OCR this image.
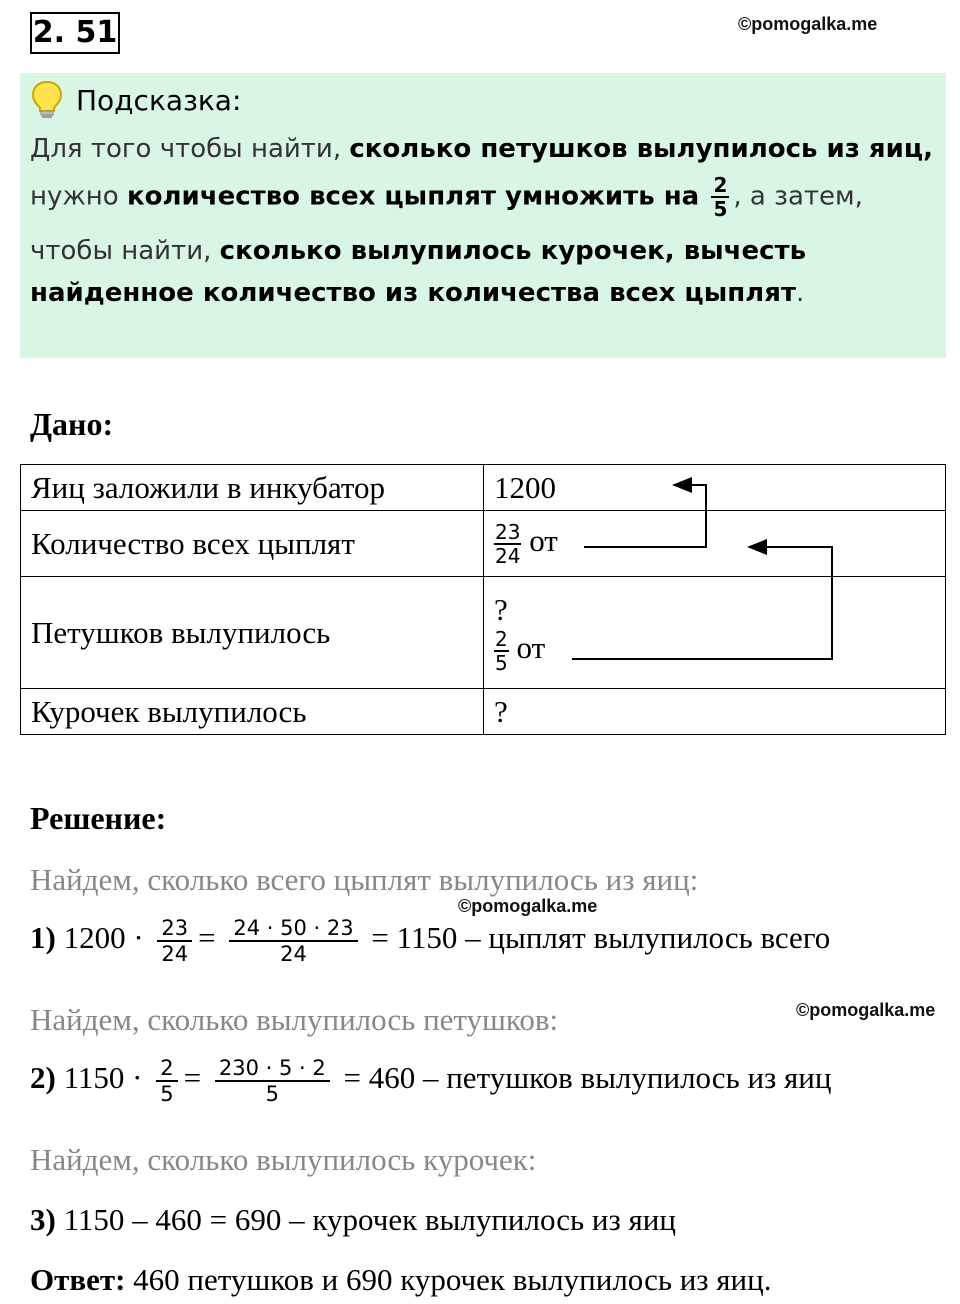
2. 51	©pomogalka.me
Подсказка:
Для того чтобы найти, сколько петушков вылупилось из яиц,
нужно количество всех цыплят умножить на $\frac{2}{5}$ , а затем,
чтобы найти, сколько вылупилось курочек, вычесть
найденное количество из количества всех цыплят.
Дано:
Яиц заложили в инкубатор	1200
Количество всех цыплят	$\frac{23}{24}$ от
Петушков вылупилось	?
$\frac{2}{5}$ от
Курочек вылупилось	?
Решение:
Найдем, сколько всего цыплят вылупилось из яиц:
©pomogalka.me
1) $1200 \cdot \frac{23}{24} = \frac{24 \cdot 50 \cdot 23}{24} = 1150$ – цыплят вылупилось всего
Найдем, сколько вылупилось петушков:	©pomogalka.me
2) $1150 \cdot \frac{2}{5} = \frac{230 \cdot 5 \cdot 2}{5} = 460$ – петушков вылупилось из яиц
Найдем, сколько вылупилось курочек:
3) 1150 – 460 = 690 – курочек вылупилось из яиц
Ответ: 460 петушков и 690 курочек вылупилось из яиц.
